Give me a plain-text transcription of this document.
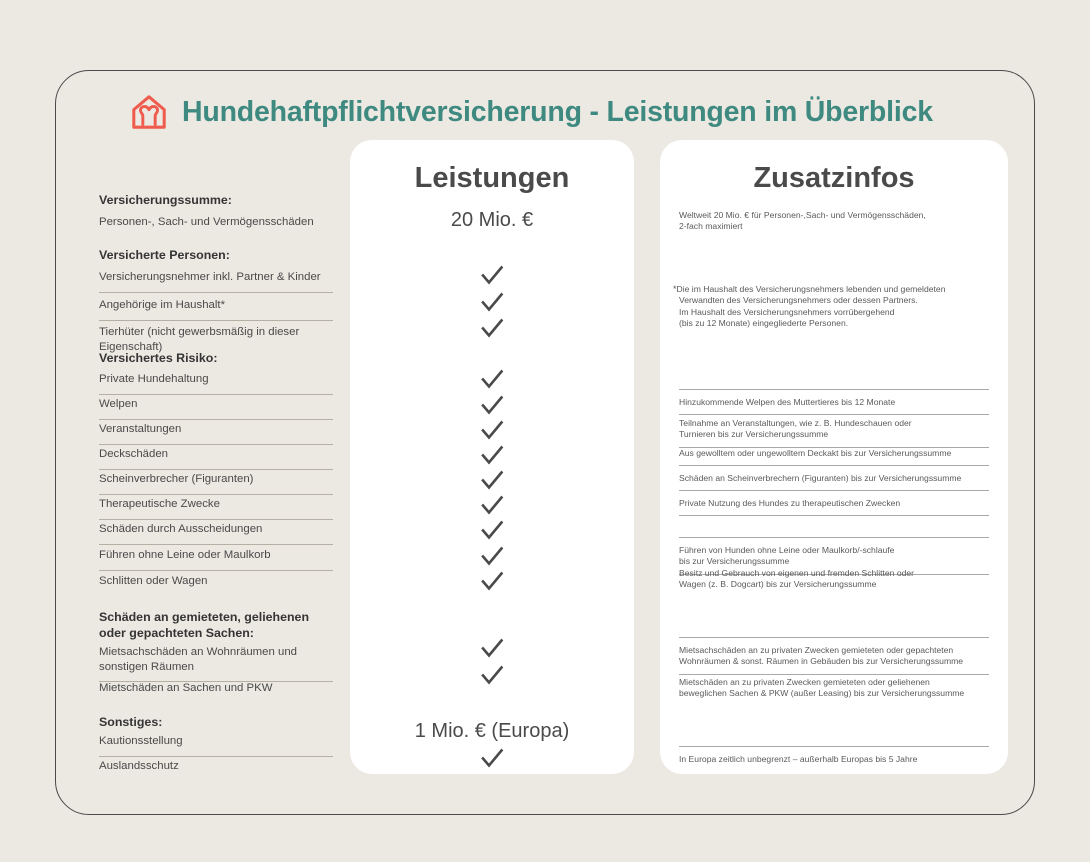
Hundehaftpflichtversicherung - Leistungen im Überblick
Leistungen	Zusatzinfos
Versicherungssumme:
Personen-, Sach- und Vermögensschäden
Versicherte Personen:
Versicherungsnehmer inkl. Partner & Kinder
Angehörige im Haushalt*
Tierhüter (nicht gewerbsmäßig in dieser Eigenschaft)
Versichertes Risiko:
Private Hundehaltung
Welpen
Veranstaltungen
Deckschäden
Scheinverbrecher (Figuranten)
Therapeutische Zwecke
Schäden durch Ausscheidungen
Führen ohne Leine oder Maulkorb
Schlitten oder Wagen
Schäden an gemieteten, geliehenen
oder gepachteten Sachen:
Mietsachschäden an Wohnräumen und
sonstigen Räumen
Mietschäden an Sachen und PKW
Sonstiges:
Kautionsstellung
Auslandsschutz
20 Mio. €
1 Mio. € (Europa)
Weltweit 20 Mio. € für Personen-,Sach- und Vermögensschäden,
2-fach maximiert
*Die im Haushalt des Versicherungsnehmers lebenden und gemeldeten
Verwandten des Versicherungsnehmers oder dessen Partners.
Im Haushalt des Versicherungsnehmers vorrübergehend
(bis zu 12 Monate) eingegliederte Personen.
Hinzukommende Welpen des Muttertieres bis 12 Monate
Teilnahme an Veranstaltungen, wie z. B. Hundeschauen oder
Turnieren bis zur Versicherungssumme
Aus gewolltem oder ungewolltem Deckakt bis zur Versicherungssumme
Schäden an Scheinverbrechern (Figuranten) bis zur Versicherungssumme
Private Nutzung des Hundes zu therapeutischen Zwecken
Führen von Hunden ohne Leine oder Maulkorb/-schlaufe
bis zur Versicherungssumme
Besitz und Gebrauch von eigenen und fremden Schlitten oder
Wagen (z. B. Dogcart) bis zur Versicherungssumme
Mietsachschäden an zu privaten Zwecken gemieteten oder gepachteten
Wohnräumen & sonst. Räumen in Gebäuden bis zur Versicherungssumme
Mietschäden an zu privaten Zwecken gemieteten oder geliehenen
beweglichen Sachen & PKW (außer Leasing) bis zur Versicherungssumme
In Europa zeitlich unbegrenzt – außerhalb Europas bis 5 Jahre
